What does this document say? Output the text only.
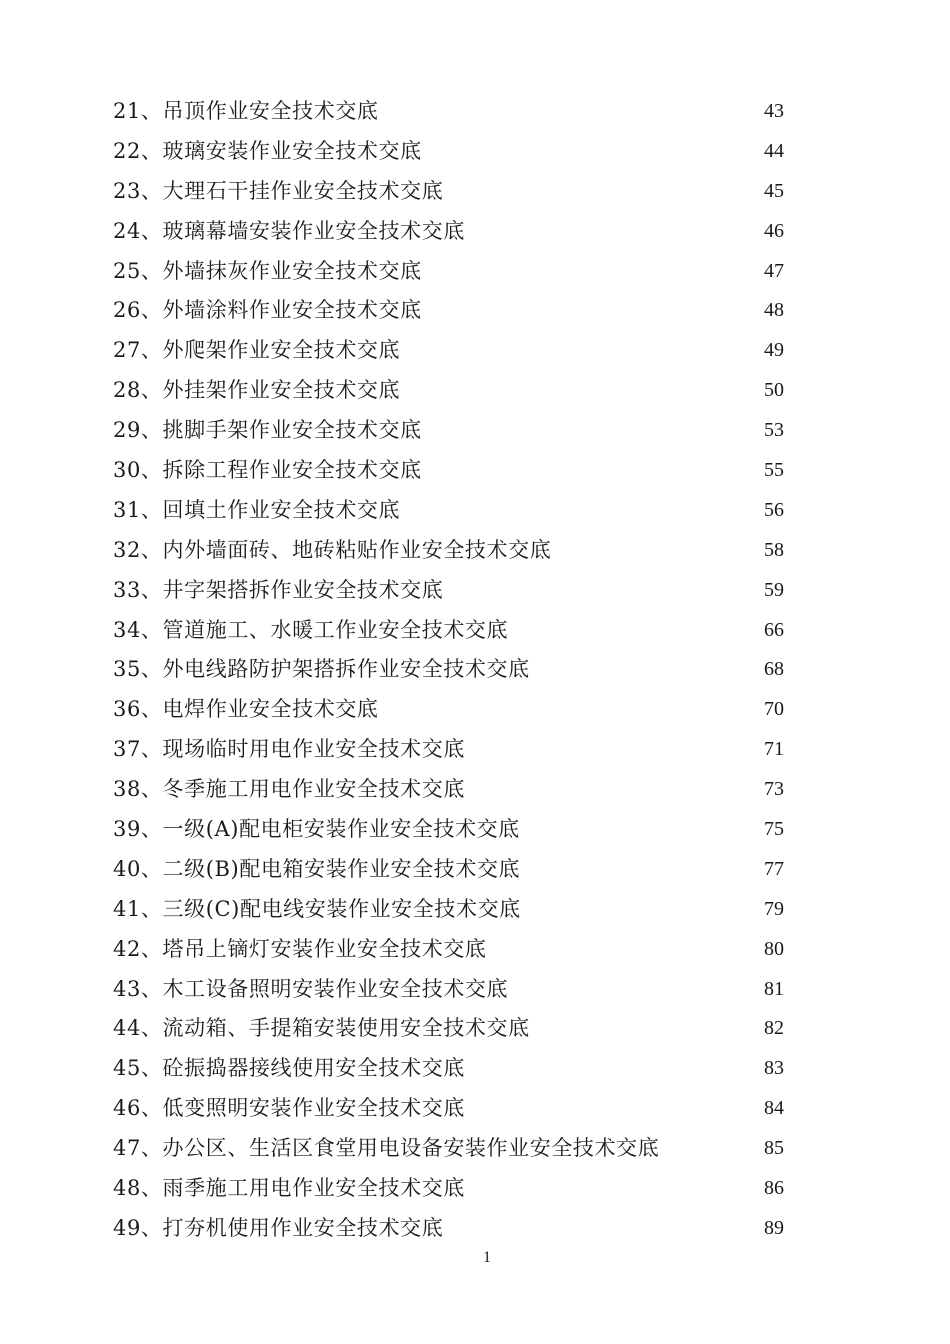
21、吊顶作业安全技术交底	43
22、玻璃安装作业安全技术交底	44
23、大理石干挂作业安全技术交底	45
24、玻璃幕墙安装作业安全技术交底	46
25、外墙抹灰作业安全技术交底	47
26、外墙涂料作业安全技术交底	48
27、外爬架作业安全技术交底	49
28、外挂架作业安全技术交底	50
29、挑脚手架作业安全技术交底	53
30、拆除工程作业安全技术交底	55
31、回填土作业安全技术交底	56
32、内外墙面砖、地砖粘贴作业安全技术交底	58
33、井字架搭拆作业安全技术交底	59
34、管道施工、水暖工作业安全技术交底	66
35、外电线路防护架搭拆作业安全技术交底	68
36、电焊作业安全技术交底	70
37、现场临时用电作业安全技术交底	71
38、冬季施工用电作业安全技术交底	73
39、一级(A)配电柜安装作业安全技术交底	75
40、二级(B)配电箱安装作业安全技术交底	77
41、三级(C)配电线安装作业安全技术交底	79
42、塔吊上镝灯安装作业安全技术交底	80
43、木工设备照明安装作业安全技术交底	81
44、流动箱、手提箱安装使用安全技术交底	82
45、砼振捣器接线使用安全技术交底	83
46、低变照明安装作业安全技术交底	84
47、办公区、生活区食堂用电设备安装作业安全技术交底	85
48、雨季施工用电作业安全技术交底	86
49、打夯机使用作业安全技术交底	89
1
